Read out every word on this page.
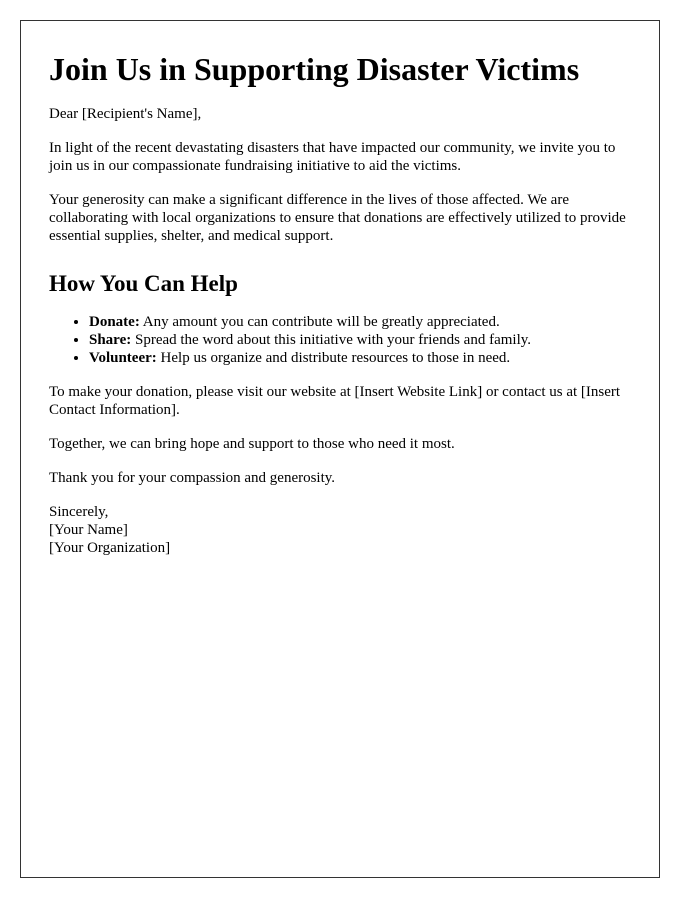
Join Us in Supporting Disaster Victims

Dear [Recipient's Name],

In light of the recent devastating disasters that have impacted our community, we invite you to join us in our compassionate fundraising initiative to aid the victims.

Your generosity can make a significant difference in the lives of those affected. We are collaborating with local organizations to ensure that donations are effectively utilized to provide essential supplies, shelter, and medical support.

How You Can Help
• Donate: Any amount you can contribute will be greatly appreciated.
• Share: Spread the word about this initiative with your friends and family.
• Volunteer: Help us organize and distribute resources to those in need.

To make your donation, please visit our website at [Insert Website Link] or contact us at [Insert Contact Information].

Together, we can bring hope and support to those who need it most.

Thank you for your compassion and generosity.

Sincerely,
[Your Name]
[Your Organization]
